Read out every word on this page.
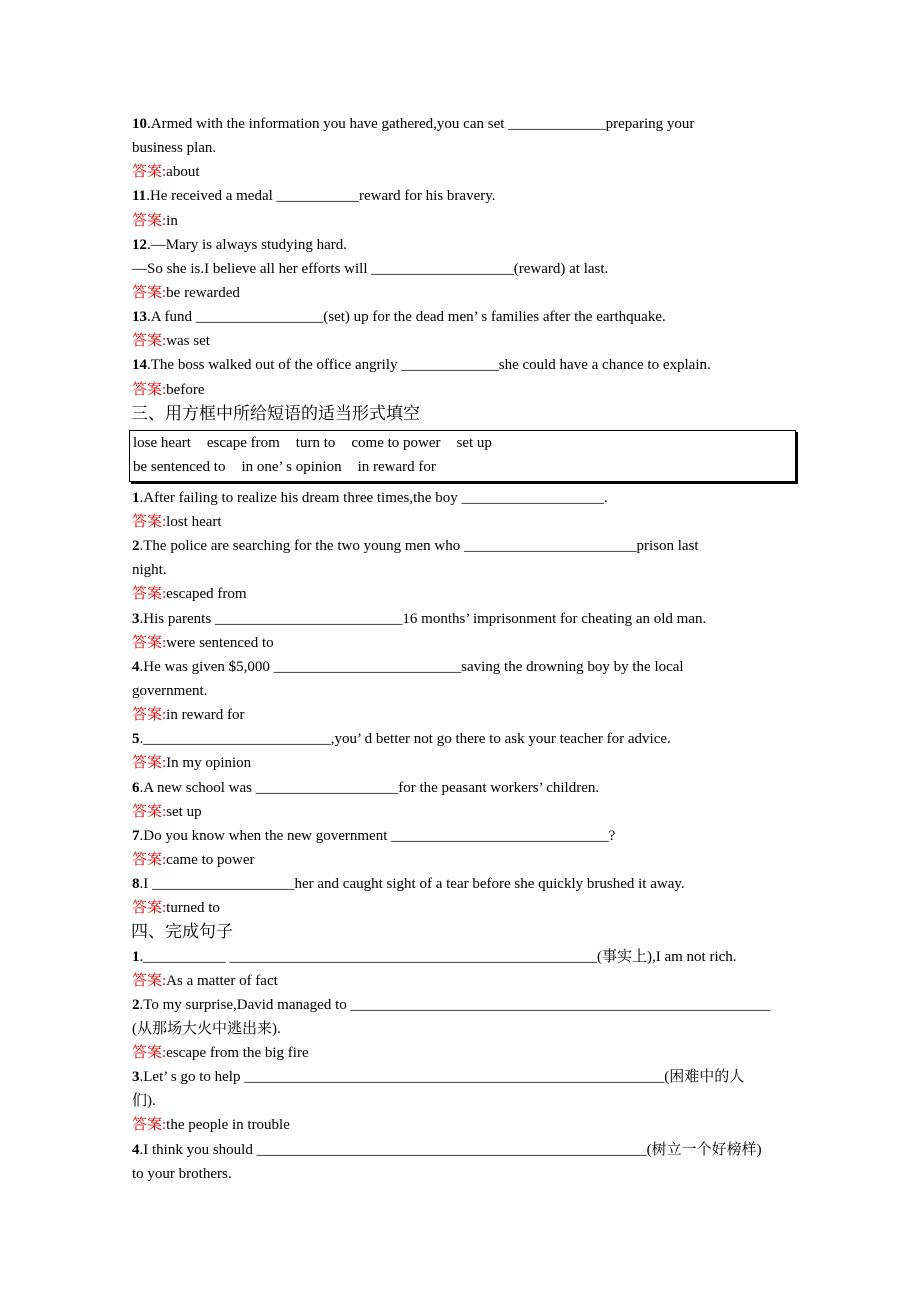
10.Armed with the information you have gathered,you can set _____________preparing your
business plan.
答案:about
11.He received a medal ___________reward for his bravery.
答案:in
12.—Mary is always studying hard.
—So she is.I believe all her efforts will ___________________(reward) at last.
答案:be rewarded
13.A fund _________________(set) up for the dead men’ s families after the earthquake.
答案:was set
14.The boss walked out of the office angrily _____________she could have a chance to explain.
答案:before
三、用方框中所给短语的适当形式填空
lose heart escape from turn to come to power set up
be sentenced to in one’ s opinion in reward for
1.After failing to realize his dream three times,the boy ___________________.
答案:lost heart
2.The police are searching for the two young men who _______________________prison last
night.
答案:escaped from
3.His parents _________________________16 months’ imprisonment for cheating an old man.
答案:were sentenced to
4.He was given $5,000 _________________________saving the drowning boy by the local
government.
答案:in reward for
5._________________________,you’ d better not go there to ask your teacher for advice.
答案:In my opinion
6.A new school was ___________________for the peasant workers’ children.
答案:set up
7.Do you know when the new government _____________________________?
答案:came to power
8.I ___________________her and caught sight of a tear before she quickly brushed it away.
答案:turned to
四、完成句子
1.___________ _________________________________________________(事实上),I am not rich.
答案:As a matter of fact
2.To my surprise,David managed to ________________________________________________________
(从那场大火中逃出来).
答案:escape from the big fire
3.Let’ s go to help ________________________________________________________(困难中的人
们).
答案:the people in trouble
4.I think you should ____________________________________________________(树立一个好榜样)
to your brothers.
